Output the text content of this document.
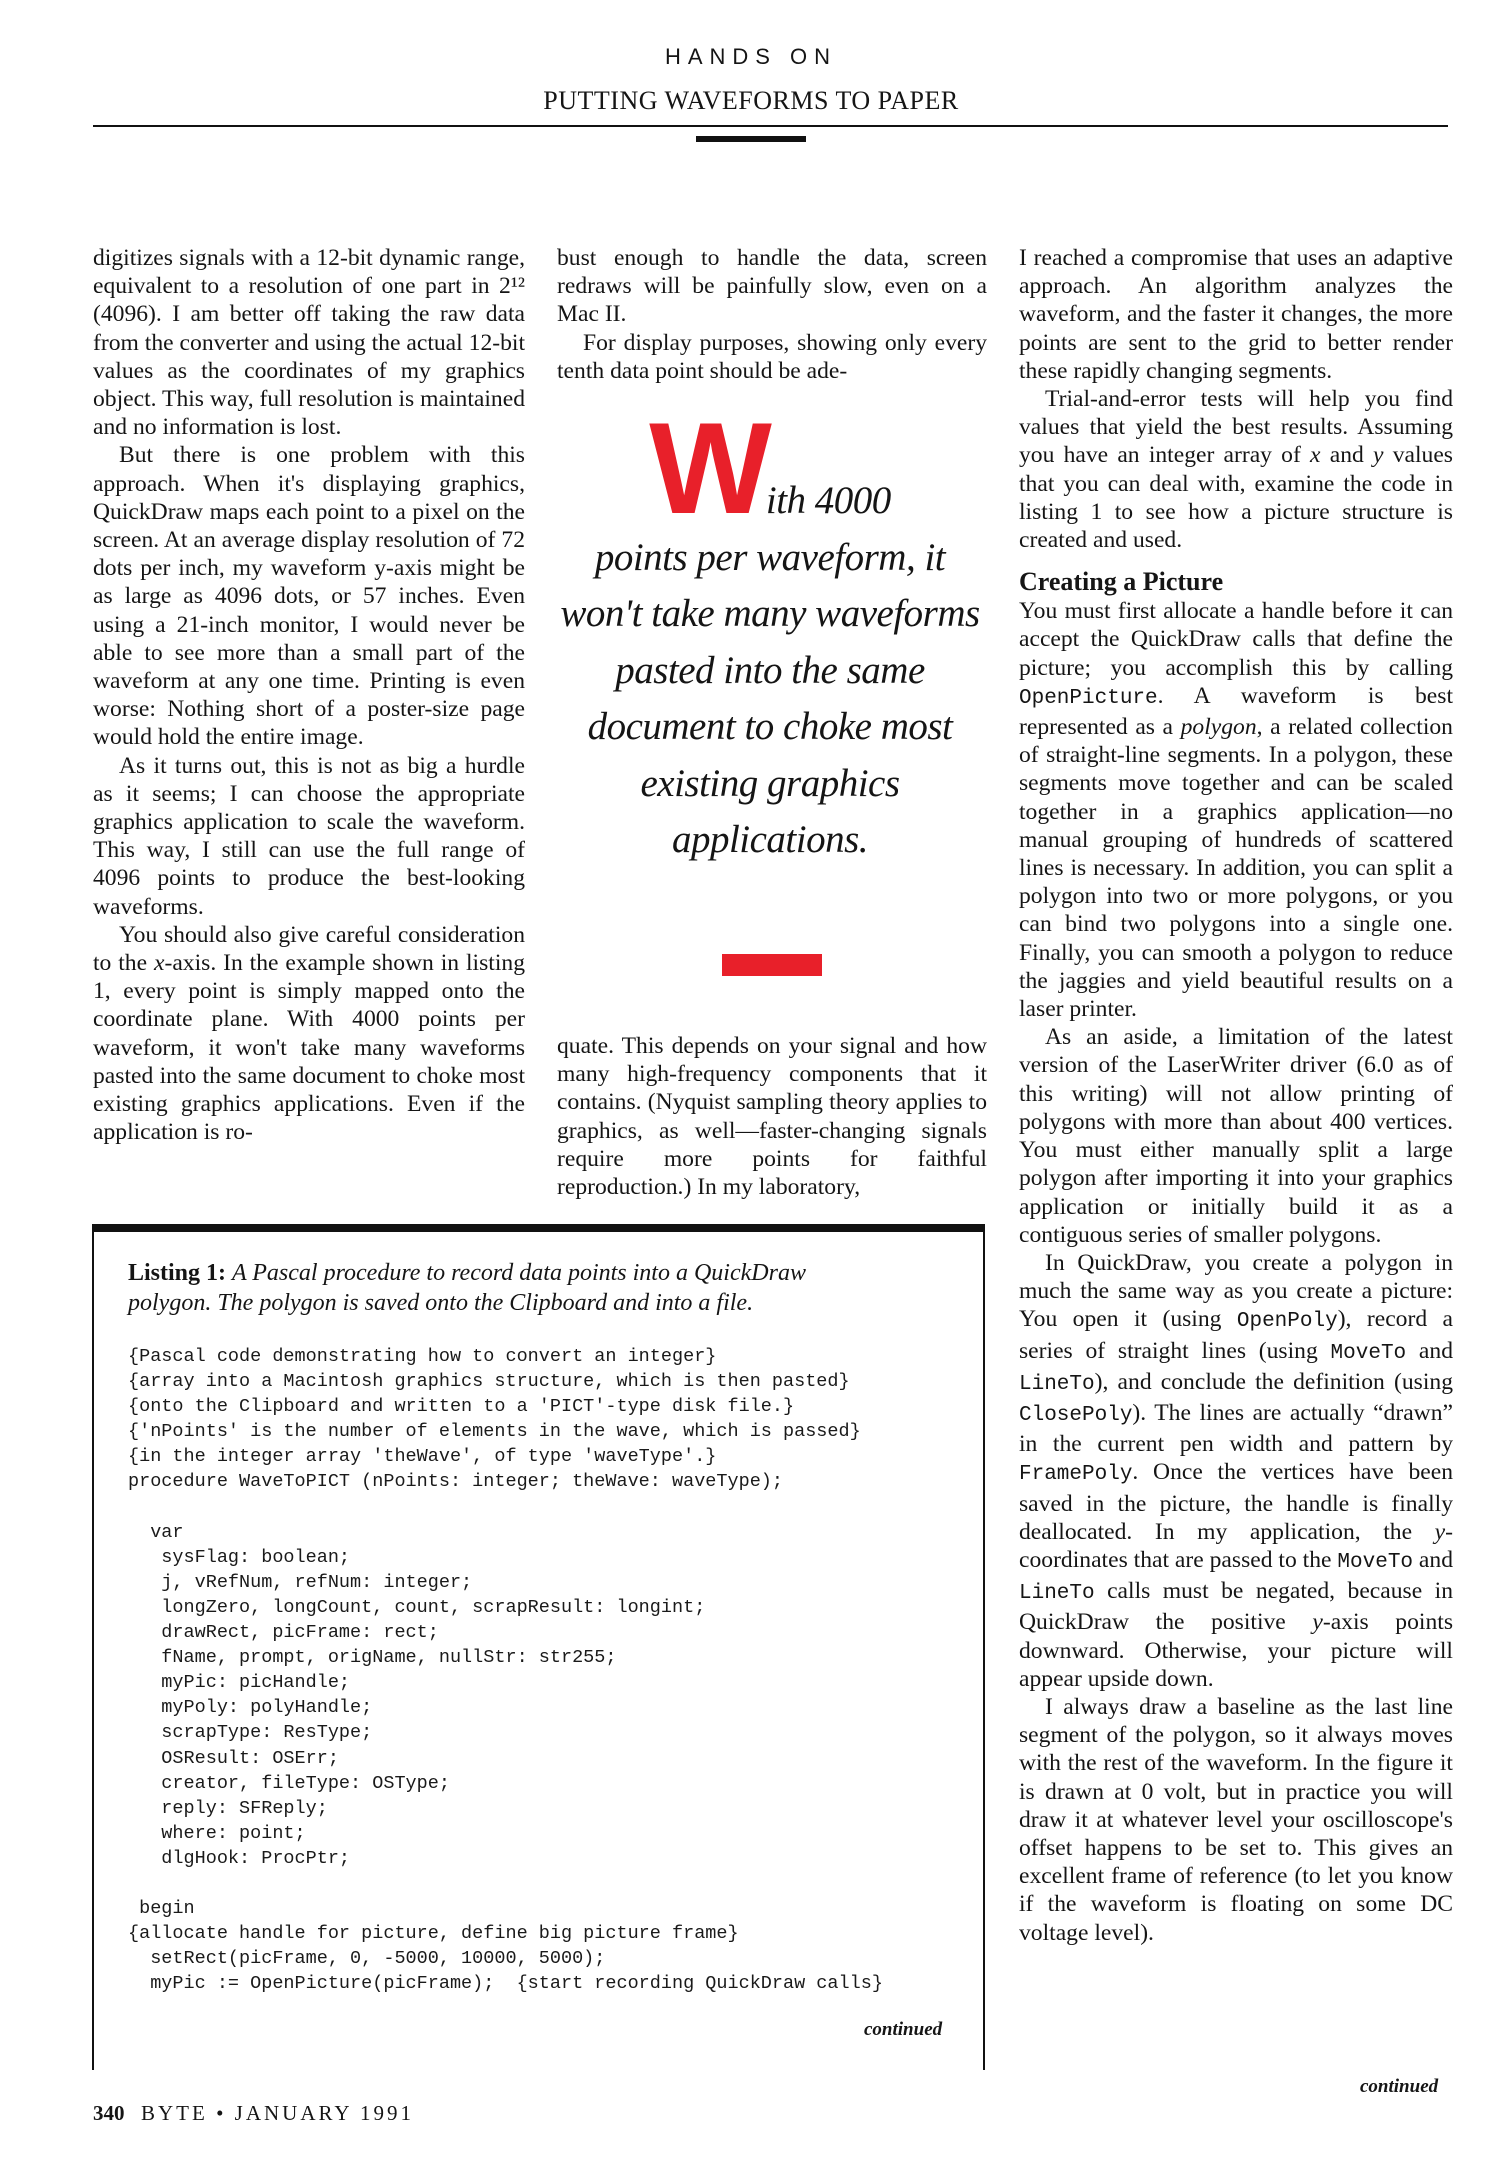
HANDS ON
PUTTING WAVEFORMS TO PAPER

digitizes signals with a 12-bit dynamic range, equivalent to a resolution of one part in 2¹² (4096). I am better off taking the raw data from the converter and using the actual 12-bit values as the coordinates of my graphics object. This way, full resolution is maintained and no information is lost.

But there is one problem with this approach. When it's displaying graphics, QuickDraw maps each point to a pixel on the screen. At an average display resolution of 72 dots per inch, my waveform y-axis might be as large as 4096 dots, or 57 inches. Even using a 21-inch monitor, I would never be able to see more than a small part of the waveform at any one time. Printing is even worse: Nothing short of a poster-size page would hold the entire image.

As it turns out, this is not as big a hurdle as it seems; I can choose the appropriate graphics application to scale the waveform. This way, I still can use the full range of 4096 points to produce the best-looking waveforms.

You should also give careful consideration to the x-axis. In the example shown in listing 1, every point is simply mapped onto the coordinate plane. With 4000 points per waveform, it won't take many waveforms pasted into the same document to choke most existing graphics applications. Even if the application is ro-

bust enough to handle the data, screen redraws will be painfully slow, even on a Mac II.

For display purposes, showing only every tenth data point should be ade-

With 4000
points per waveform, it won't take many waveforms pasted into the same document to choke most existing graphics applications.

quate. This depends on your signal and how many high-frequency components that it contains. (Nyquist sampling theory applies to graphics, as well—faster-changing signals require more points for faithful reproduction.) In my laboratory,

I reached a compromise that uses an adaptive approach. An algorithm analyzes the waveform, and the faster it changes, the more points are sent to the grid to better render these rapidly changing segments.

Trial-and-error tests will help you find values that yield the best results. Assuming you have an integer array of x and y values that you can deal with, examine the code in listing 1 to see how a picture structure is created and used.

Creating a Picture

You must first allocate a handle before it can accept the QuickDraw calls that define the picture; you accomplish this by calling OpenPicture. A waveform is best represented as a polygon, a related collection of straight-line segments. In a polygon, these segments move together and can be scaled together in a graphics application—no manual grouping of hundreds of scattered lines is necessary. In addition, you can split a polygon into two or more polygons, or you can bind two polygons into a single one. Finally, you can smooth a polygon to reduce the jaggies and yield beautiful results on a laser printer.

As an aside, a limitation of the latest version of the LaserWriter driver (6.0 as of this writing) will not allow printing of polygons with more than about 400 vertices. You must either manually split a large polygon after importing it into your graphics application or initially build it as a contiguous series of smaller polygons.

In QuickDraw, you create a polygon in much the same way as you create a picture: You open it (using OpenPoly), record a series of straight lines (using MoveTo and LineTo), and conclude the definition (using ClosePoly). The lines are actually “drawn” in the current pen width and pattern by FramePoly. Once the vertices have been saved in the picture, the handle is finally deallocated. In my application, the y-coordinates that are passed to the MoveTo and LineTo calls must be negated, because in QuickDraw the positive y-axis points downward. Otherwise, your picture will appear upside down.

I always draw a baseline as the last line segment of the polygon, so it always moves with the rest of the waveform. In the figure it is drawn at 0 volt, but in practice you will draw it at whatever level your oscilloscope's offset happens to be set to. This gives an excellent frame of reference (to let you know if the waveform is floating on some DC voltage level).

continued
Listing 1: A Pascal procedure to record data points into a QuickDraw polygon. The polygon is saved onto the Clipboard and into a file.
{Pascal code demonstrating how to convert an integer}
{array into a Macintosh graphics structure, which is then pasted}
{onto the Clipboard and written to a 'PICT'-type disk file.}
{'nPoints' is the number of elements in the wave, which is passed}
{in the integer array 'theWave', of type 'waveType'.}
procedure WaveToPICT (nPoints: integer; theWave: waveType);

var
sysFlag: boolean;
j, vRefNum, refNum: integer;
longZero, longCount, count, scrapResult: longint;
drawRect, picFrame: rect;
fName, prompt, origName, nullStr: str255;
myPic: picHandle;
myPoly: polyHandle;
scrapType: ResType;
OSResult: OSErr;
creator, fileType: OSType;
reply: SFReply;
where: point;
dlgHook: ProcPtr;

begin
{allocate handle for picture, define big picture frame}
setRect(picFrame, 0, -5000, 10000, 5000);
myPic := OpenPicture(picFrame);  {start recording QuickDraw calls}
continued
340 BYTE • JANUARY 1991
